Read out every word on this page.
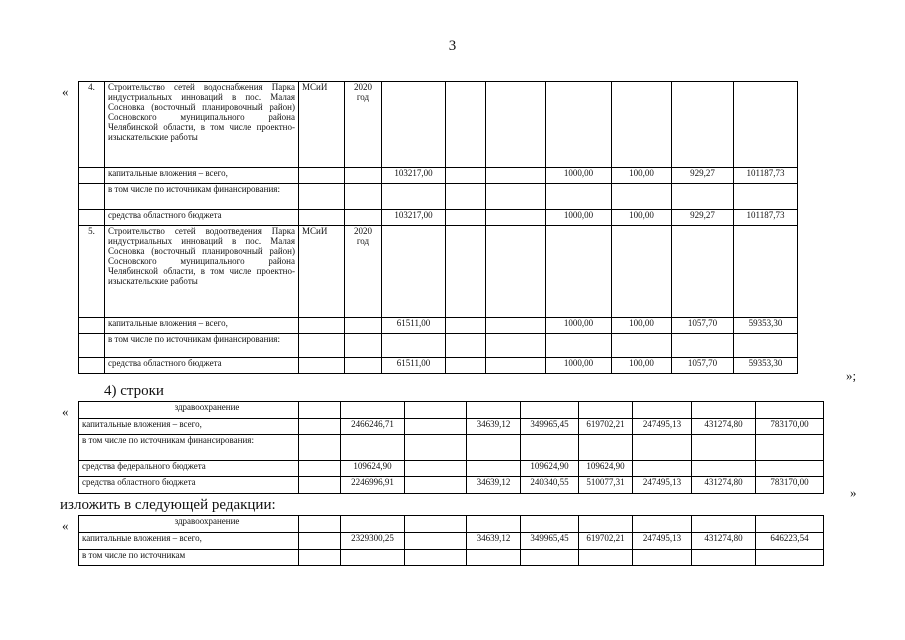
3
« 4.	Строительство сетей водоснабжения Парка индустриальных инноваций в пос. Малая Сосновка (восточный планировочный район) Сосновского муниципального района Челябинской области, в том числе проектно-изыскательские работы	МСиИ	2020 год							
	капитальные вложения – всего,			103217,00			1000,00	100,00	929,27	101187,73
	в том числе по источникам финансирования:									
	средства областного бюджета			103217,00			1000,00	100,00	929,27	101187,73
5.	Строительство сетей водоотведения Парка индустриальных инноваций в пос. Малая Сосновка (восточный планировочный район) Сосновского муниципального района Челябинской области, в том числе проектно-изыскательские работы	МСиИ	2020 год							
	капитальные вложения – всего,			61511,00			1000,00	100,00	1057,70	59353,30
	в том числе по источникам финансирования:									
	средства областного бюджета			61511,00			1000,00	100,00	1057,70	59353,30
»;
4) строки
«	здравоохранение									
капитальные вложения – всего,		2466246,71		34639,12	349965,45	619702,21	247495,13	431274,80	783170,00
в том числе по источникам финансирования:									
средства федерального бюджета		109624,90			109624,90	109624,90			
средства областного бюджета		2246996,91		34639,12	240340,55	510077,31	247495,13	431274,80	783170,00
»
изложить в следующей редакции:
«	здравоохранение									
капитальные вложения – всего,		2329300,25		34639,12	349965,45	619702,21	247495,13	431274,80	646223,54
в том числе по источникам									
